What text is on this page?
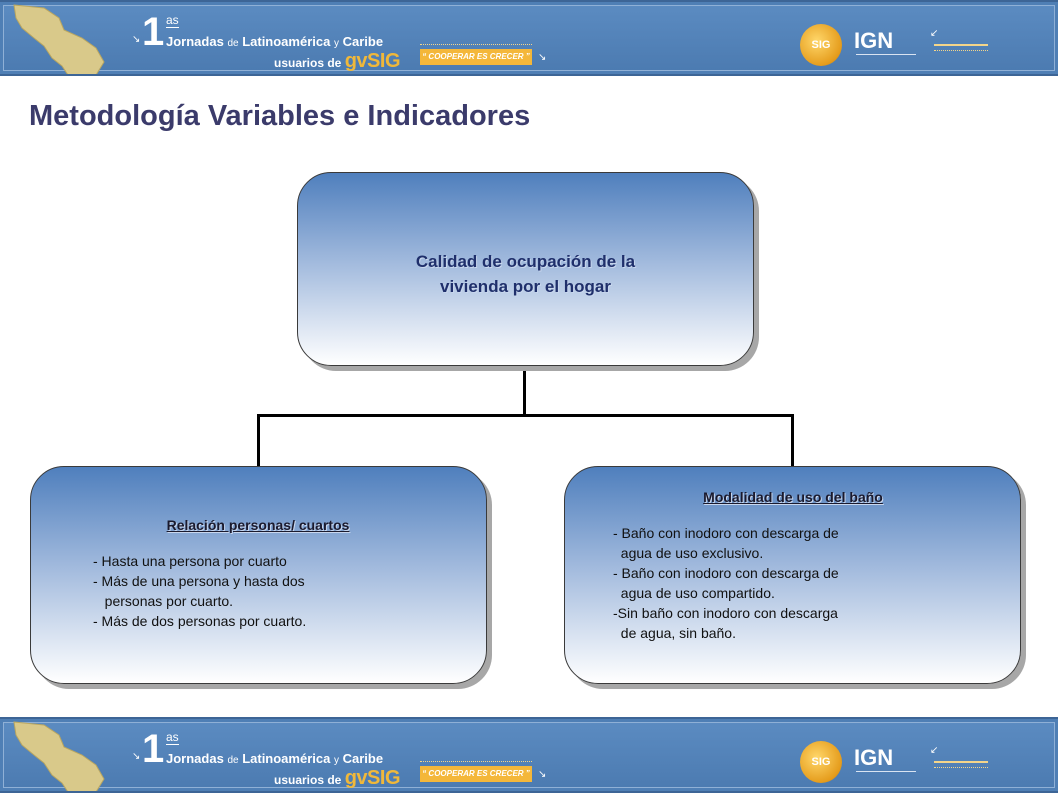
↘ 1 as
Jornadas de Latinoamérica y Caribe
usuarios de gvSIG	“ COOPERAR ES CRECER ” ↘
SIG	IGN	↙
Metodología Variables e Indicadores
Calidad de ocupación de la
vivienda por el hogar
Relación personas/ cuartos
- Hasta una persona por cuarto
- Más de una persona y hasta dos
personas por cuarto.
- Más de dos personas por cuarto.
Modalidad de uso del baño
- Baño con inodoro con descarga de
agua de uso exclusivo.
- Baño con inodoro con descarga de
agua de uso compartido.
-Sin baño con inodoro con descarga
de agua, sin baño.
↘ 1 as
Jornadas de Latinoamérica y Caribe
usuarios de gvSIG	“ COOPERAR ES CRECER ” ↘
SIG	IGN	↙
